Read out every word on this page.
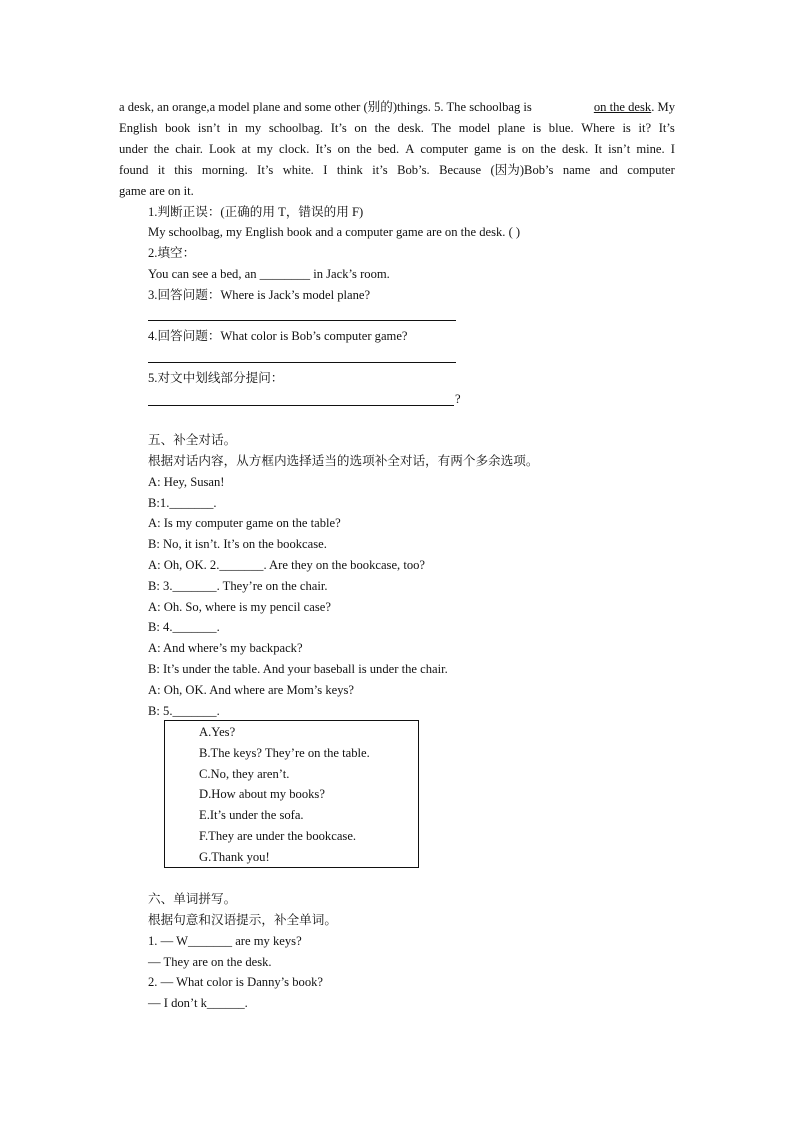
a desk, an orange,a model plane and some other (别的)things. 5. The schoolbag is	on the desk. My
English book isn’t in my schoolbag. It’s on the desk. The model plane is blue. Where is it? It’s
under the chair. Look at my clock. It’s on the bed. A computer game is on the desk. It isn’t mine. I
found it this morning. It’s white. I think it’s Bob’s. Because (因为)Bob’s name and computer
game are on it.
1.判断正误：(正确的用 T，错误的用 F)
My schoolbag, my English book and a computer game are on the desk. ( )
2.填空：
You can see a bed, an ________ in Jack’s room.
3.回答问题：Where is Jack’s model plane?
4.回答问题：What color is Bob’s computer game?
5.对文中划线部分提问：
?
五、补全对话。
根据对话内容，从方框内选择适当的选项补全对话，有两个多余选项。
A: Hey, Susan!
B:1._______.
A: Is my computer game on the table?
B: No, it isn’t. It’s on the bookcase.
A: Oh, OK. 2._______. Are they on the bookcase, too?
B: 3._______. They’re on the chair.
A: Oh. So, where is my pencil case?
B: 4._______.
A: And where’s my backpack?
B: It’s under the table. And your baseball is under the chair.
A: Oh, OK. And where are Mom’s keys?
B: 5._______.
A.Yes?
B.The keys? They’re on the table.
C.No, they aren’t.
D.How about my books?
E.It’s under the sofa.
F.They are under the bookcase.
G.Thank you!
六、单词拼写。
根据句意和汉语提示，补全单词。
1. — W_______ are my keys?
— They are on the desk.
2. — What color is Danny’s book?
— I don’t k______.
